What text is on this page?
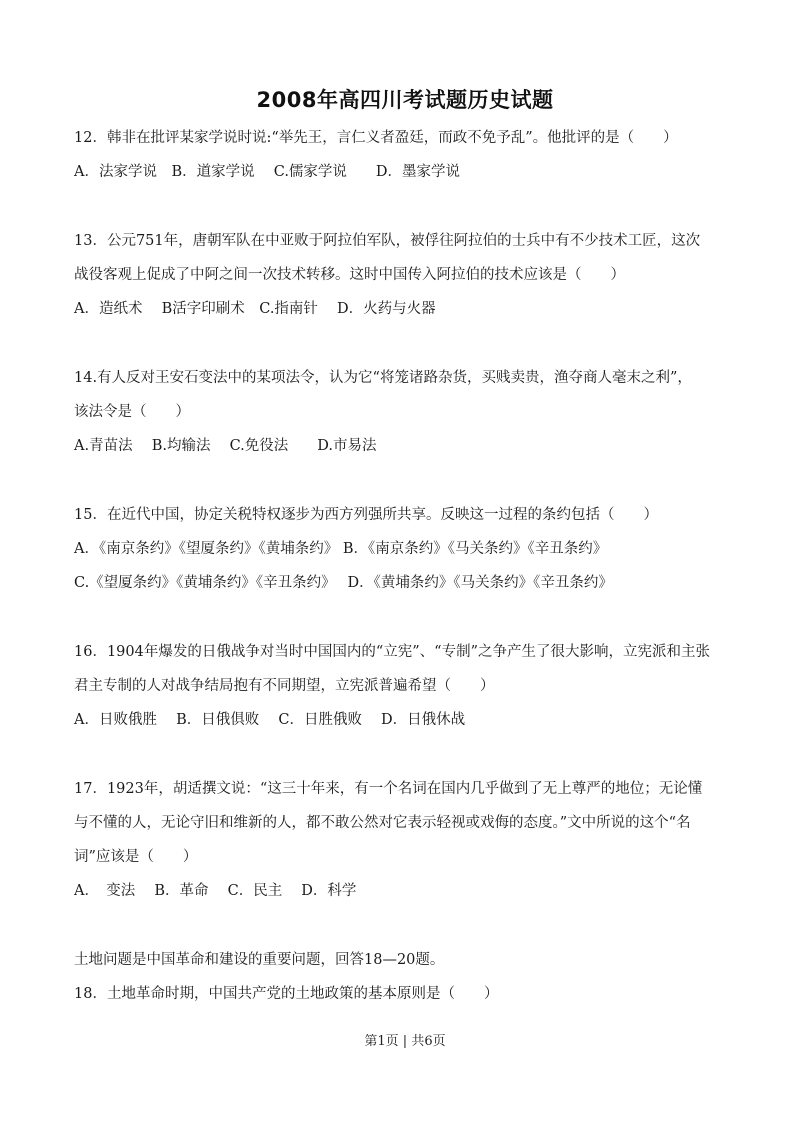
2008年高四川考试题历史试题
12．韩非在批评某家学说时说:“举先王，言仁义者盈廷，而政不免予乱”。他批评的是（　　）
A．法家学说　B．道家学说　 C.儒家学说　　D．墨家学说
13．公元751年，唐朝军队在中亚败于阿拉伯军队，被俘往阿拉伯的士兵中有不少技术工匠，这次
战役客观上促成了中阿之间一次技术转移。这时中国传入阿拉伯的技术应该是（　　）
A．造纸术　 B活字印刷术　C.指南针　 D．火药与火器
14.有人反对王安石变法中的某项法令，认为它“将笼诸路杂货，买贱卖贵，渔夺商人毫末之利”，
该法令是（　　）
A.青苗法　 B.均输法　 C.免役法　　D.市易法
15．在近代中国，协定关税特权逐步为西方列强所共享。反映这一过程的条约包括（　　）
A．《南京条约》《望厦条约》《黄埔条约》 B．《南京条约》《马关条约》《辛丑条约》
C.《望厦条约》《黄埔条约》《辛丑条约》　 D．《黄埔条约》《马关条约》《辛丑条约》
16．1904年爆发的日俄战争对当时中国国内的“立宪”、“专制”之争产生了很大影响，立宪派和主张
君主专制的人对战争结局抱有不同期望，立宪派普遍希望（　　）
A．日败俄胜　 B．日俄俱败　 C．日胜俄败　 D．日俄休战
17．1923年，胡适撰文说：“这三十年来，有一个名词在国内几乎做到了无上尊严的地位；无论懂
与不懂的人，无论守旧和维新的人，都不敢公然对它表示轻视或戏侮的态度。”文中所说的这个“名
词”应该是（　　）
A．　变法　 B．革命　 C．民主　 D．科学
土地问题是中国革命和建设的重要问题，回答18—20题。
18．土地革命时期，中国共产党的土地政策的基本原则是（　　）
第1页 | 共6页
